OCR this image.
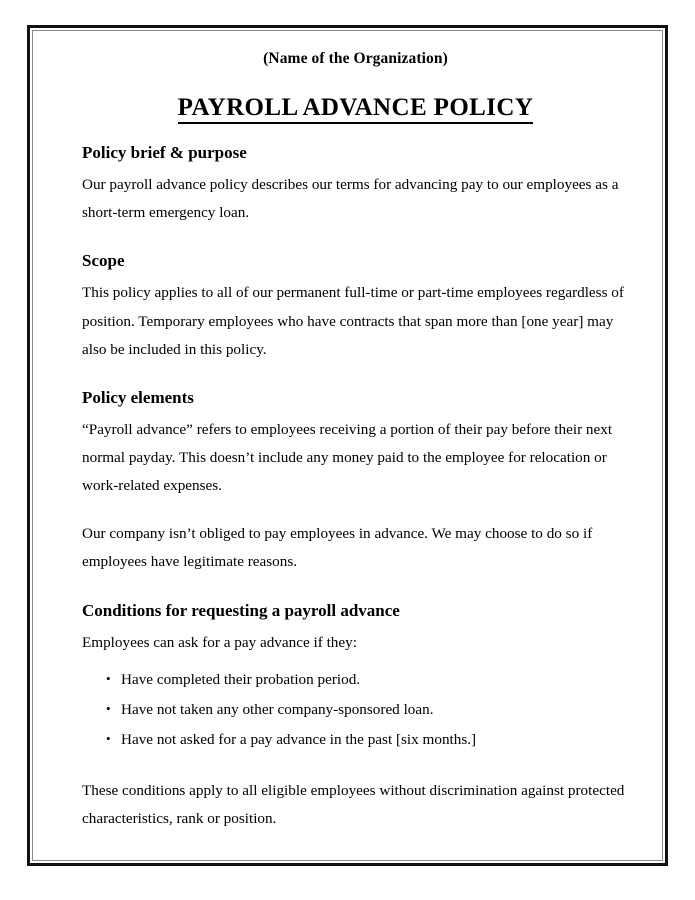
(Name of the Organization)
PAYROLL ADVANCE POLICY
Policy brief & purpose

Our payroll advance policy describes our terms for advancing pay to our employees as a short-term emergency loan.

Scope

This policy applies to all of our permanent full-time or part-time employees regardless of position. Temporary employees who have contracts that span more than [one year] may also be included in this policy.

Policy elements

“Payroll advance” refers to employees receiving a portion of their pay before their next normal payday. This doesn’t include any money paid to the employee for relocation or work-related expenses.

Our company isn’t obliged to pay employees in advance. We may choose to do so if employees have legitimate reasons.

Conditions for requesting a payroll advance

Employees can ask for a pay advance if they:

• Have completed their probation period.
• Have not taken any other company-sponsored loan.
• Have not asked for a pay advance in the past [six months.]

These conditions apply to all eligible employees without discrimination against protected characteristics, rank or position.
